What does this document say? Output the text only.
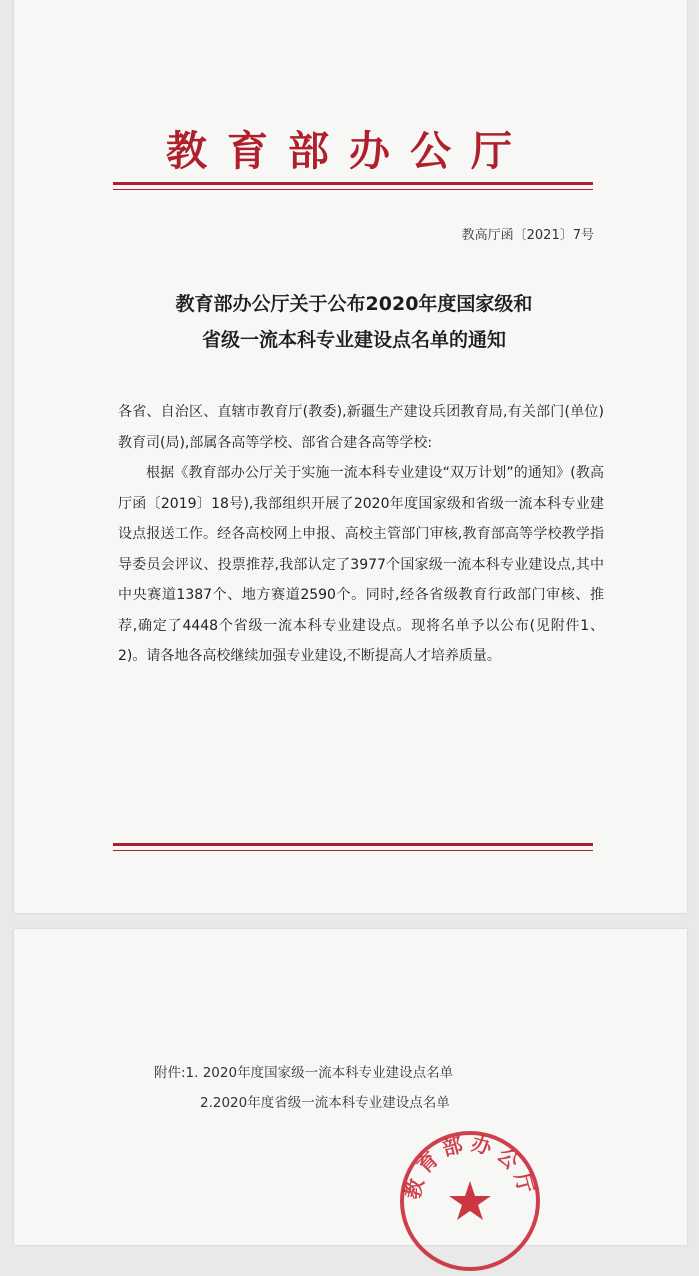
教育部办公厅
教高厅函〔2021〕7号
教育部办公厅关于公布2020年度国家级和
省级一流本科专业建设点名单的通知

各省、自治区、直辖市教育厅(教委),新疆生产建设兵团教育局,有关部门(单位)教育司(局),部属各高等学校、部省合建各高等学校:

根据《教育部办公厅关于实施一流本科专业建设“双万计划”的通知》(教高厅函〔2019〕18号),我部组织开展了2020年度国家级和省级一流本科专业建设点报送工作。经各高校网上申报、高校主管部门审核,教育部高等学校教学指导委员会评议、投票推荐,我部认定了3977个国家级一流本科专业建设点,其中中央赛道1387个、地方赛道2590个。同时,经各省级教育行政部门审核、推荐,确定了4448个省级一流本科专业建设点。现将名单予以公布(见附件1、2)。请各地各高校继续加强专业建设,不断提高人才培养质量。

附件:1. 2020年度国家级一流本科专业建设点名单
2.2020年度省级一流本科专业建设点名单
教育部办公厅
